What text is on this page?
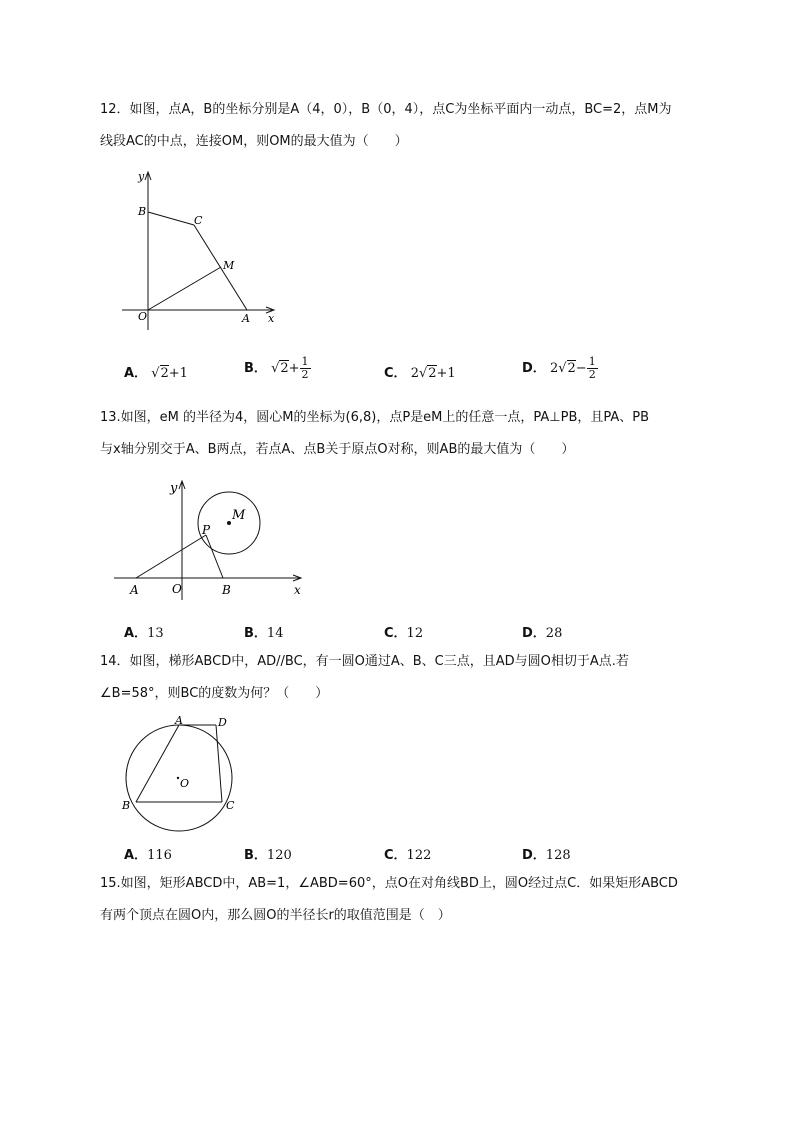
12．如图，点A，B的坐标分别是A（4，0），B（0，4），点C为坐标平面内一动点，BC=2，点M为

线段AC的中点，连接OM，则OM的最大值为（　　）

y
x
O	A
B
C
M
A． √2+1	B． $√2+ \frac{1}{2}$	C． 2√2+1	D． $2√2- \frac{1}{2}$

13.如图，eM 的半径为4，圆心M的坐标为(6,8)，点P是eM上的任意一点，PA⊥PB，且PA、PB

与x轴分别交于A、B两点，若点A、点B关于原点O对称，则AB的最大值为（　　）

y
x
O
A	B
P
M
A．13	B．14	C．12	D．28

14．如图，梯形ABCD中，AD//BC，有一圆O通过A、B、C三点，且AD与圆O相切于A点.若

∠B=58°，则BC的度数为何？（　　）

A	D
B	C
O
A．116	B．120	C．122	D．128

15.如图，矩形ABCD中，AB=1，∠ABD=60°，点O在对角线BD上，圆O经过点C．如果矩形ABCD

有两个顶点在圆O内，那么圆O的半径长r的取值范围是（　）
